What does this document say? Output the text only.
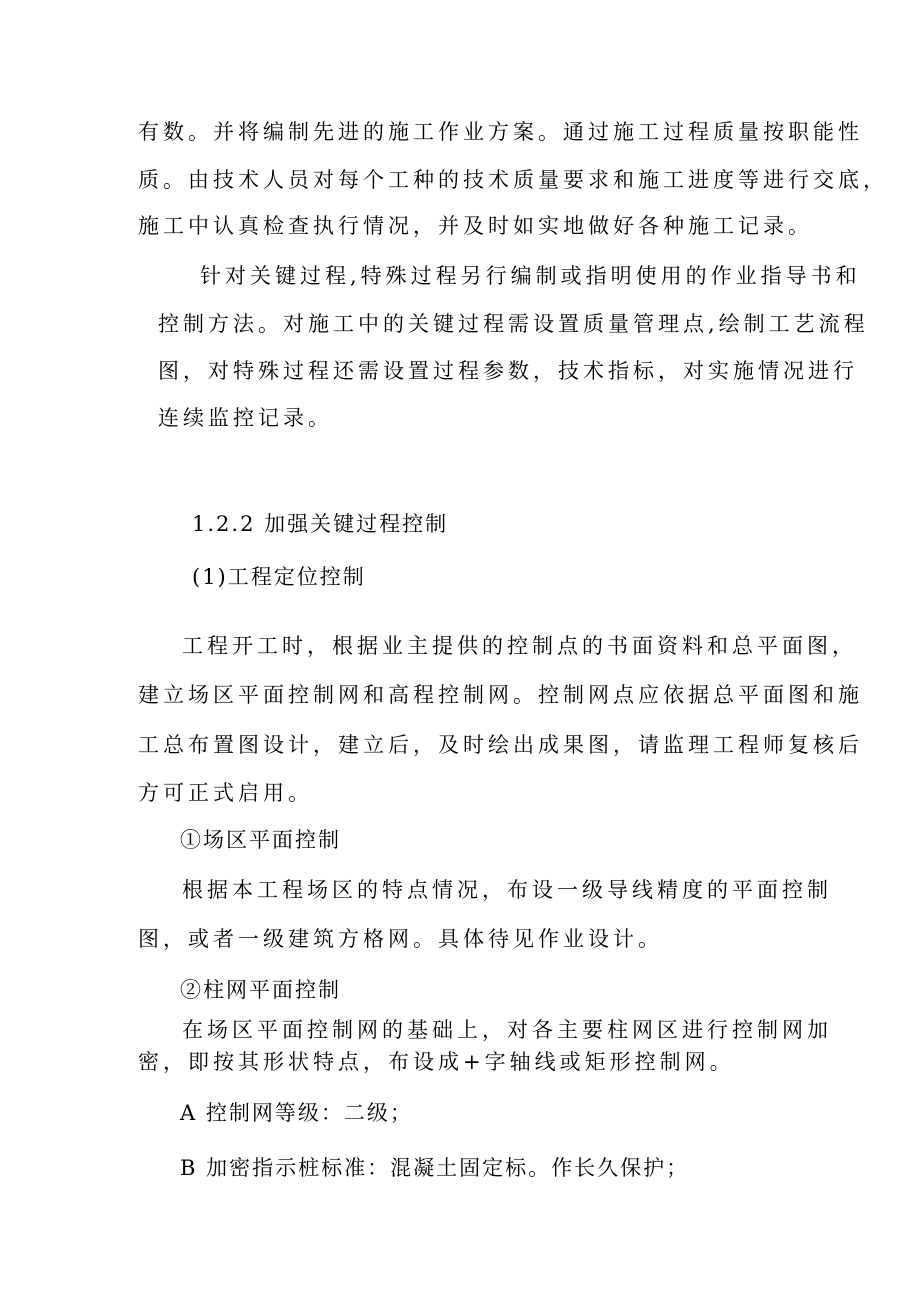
有数。并将编制先进的施工作业方案。通过施工过程质量按职能性
质。由技术人员对每个工种的技术质量要求和施工进度等进行交底，
施工中认真检查执行情况，并及时如实地做好各种施工记录。
针对关键过程,特殊过程另行编制或指明使用的作业指导书和
控制方法。对施工中的关键过程需设置质量管理点,绘制工艺流程
图，对特殊过程还需设置过程参数，技术指标，对实施情况进行
连续监控记录。
1.2.2 加强关键过程控制
(1)工程定位控制
工程开工时，根据业主提供的控制点的书面资料和总平面图，
建立场区平面控制网和高程控制网。控制网点应依据总平面图和施
工总布置图设计，建立后，及时绘出成果图，请监理工程师复核后
方可正式启用。
①场区平面控制
根据本工程场区的特点情况，布设一级导线精度的平面控制
图，或者一级建筑方格网。具体待见作业设计。
②柱网平面控制
在场区平面控制网的基础上，对各主要柱网区进行控制网加
密，即按其形状特点，布设成+字轴线或矩形控制网。
A 控制网等级：二级；
B 加密指示桩标准：混凝土固定标。作长久保护；
